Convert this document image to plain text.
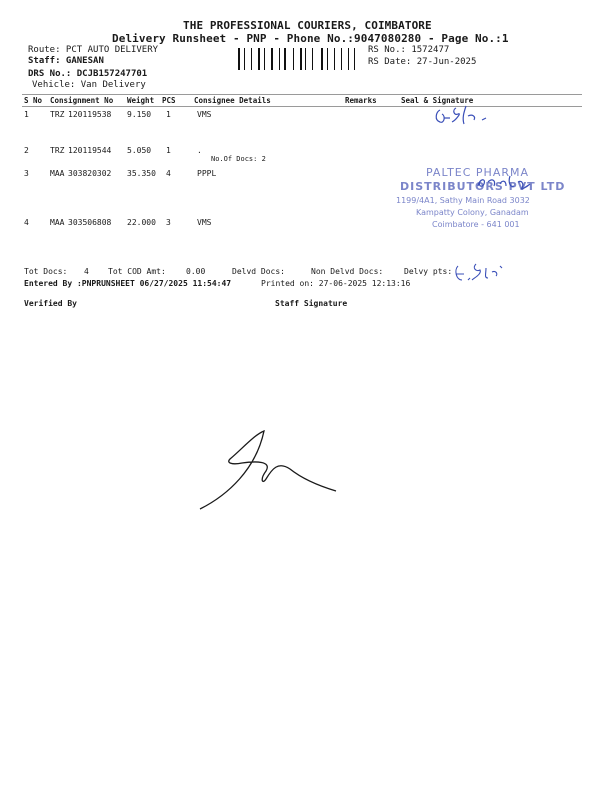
THE PROFESSIONAL COURIERS, COIMBATORE
Delivery Runsheet - PNP - Phone No.:9047080280 - Page No.:1
Route: PCT AUTO DELIVERY
Staff: GANESAN
DRS No.: DCJB157247701
Vehicle: Van Delivery
RS No.: 1572477
RS Date: 27-Jun-2025
S No Consignment No Weight PCS Consignee Details	Remarks	Seal & Signature
1	TRZ 120119538 9.150 1	VMS
2	TRZ 120119544 5.050 1	.
No.Of Docs: 2
3	MAA 303820302 35.350 4	PPPL
4	MAA 303506808 22.000 3	VMS
PALTEC PHARMA
DISTRIBUTORS PVT LTD
1199/4A1, Sathy Main Road 3032
Kampatty Colony, Ganadam
Coimbatore - 641 001
Tot Docs: 4 Tot COD Amt:	0.00	Delvd Docs:	Non Delvd Docs:	Delvy pts:
Entered By :PNPRUNSHEET 06/27/2025 11:54:47	Printed on: 27-06-2025 12:13:16
Verified By	Staff Signature
